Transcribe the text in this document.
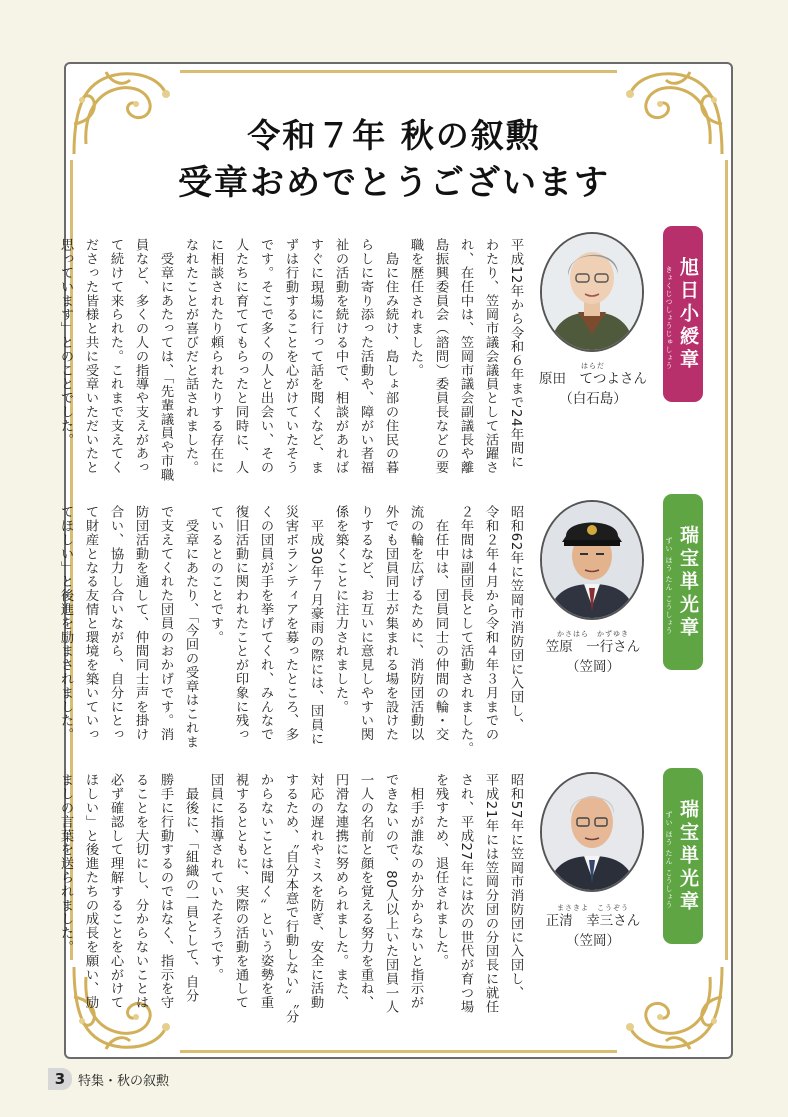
令和７年 秋の叙勲
受章おめでとうございます
きょくじつしょうじゅしょう 旭日小綬章
はらだ
原田　てつよさん
（白石島）
平成12年から令和６年まで24年間に
わたり、笠岡市議会議員として活躍さ
れ、在任中は、笠岡市議会副議長や離
島振興委員会（諮問）委員長などの要
職を歴任されました。
　島に住み続け、島しょ部の住民の暮
らしに寄り添った活動や、障がい者福
祉の活動を続ける中で、相談があれば
すぐに現場に行って話を聞くなど、ま
ずは行動することを心がけていたそう
です。そこで多くの人と出会い、その
人たちに育ててもらったと同時に、人
に相談されたり頼られたりする存在に
なれたことが喜びだと話されました。
　受章にあたっては、「先輩議員や市職
員など、多くの人の指導や支えがあっ
て続けて来られた。これまで支えてく
ださった皆様と共に受章いただいたと
思っています」とのことでした。
ずい ほう たん こうしょう 瑞宝単光章
かさはら　かずゆき
笠原　一行さん
（笠岡）
昭和62年に笠岡市消防団に入団し、
令和２年４月から令和４年３月までの
２年間は副団長として活動されました。
　在任中は、団員同士の仲間の輪・交
流の輪を広げるために、消防団活動以
外でも団員同士が集まれる場を設けた
りするなど、お互いに意見しやすい関
係を築くことに注力されました。
　平成30年７月豪雨の際には、団員に
災害ボランティアを募ったところ、多
くの団員が手を挙げてくれ、みんなで
復旧活動に関われたことが印象に残っ
ているとのことです。
　受章にあたり、「今回の受章はこれま
で支えてくれた団員のおかげです。消
防団活動を通して、仲間同士声を掛け
合い、協力し合いながら、自分にとっ
て財産となる友情と環境を築いていっ
てほしい」と後進を励まされました。
ずい ほう たん こうしょう 瑞宝単光章
まさきよ　こうぞう
正清　幸三さん
（笠岡）
昭和57年に笠岡市消防団に入団し、
平成21年には笠岡分団の分団長に就任
され、平成27年には次の世代が育つ場
を残すため、退任されました。
　相手が誰なのか分からないと指示が
できないので、80人以上いた団員一人
一人の名前と顔を覚える努力を重ね、
円滑な連携に努められました。また、
対応の遅れやミスを防ぎ、安全に活動
するため、〝自分本意で行動しない〟〝分
からないことは聞く〟という姿勢を重
視するとともに、実際の活動を通して
団員に指導されていたそうです。
　最後に、「組織の一員として、自分
勝手に行動するのではなく、指示を守
ることを大切にし、分からないことは
必ず確認して理解することを心がけて
ほしい」と後進たちの成長を願い、励
ましの言葉を送られました。
3 特集・秋の叙勲
